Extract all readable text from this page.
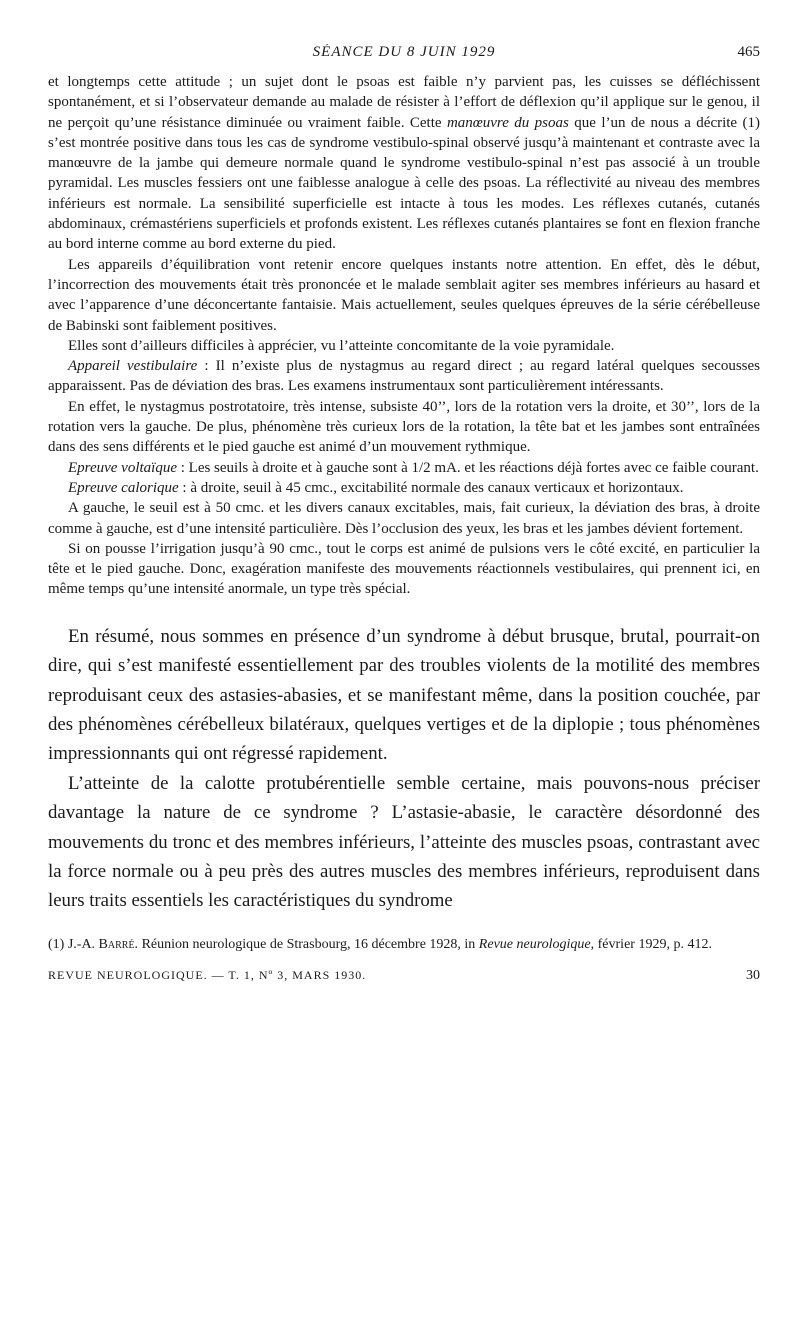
SÉANCE DU 8 JUIN 1929	465

et longtemps cette attitude ; un sujet dont le psoas est faible n’y parvient pas, les cuisses se défléchissent spontanément, et si l’observateur demande au malade de résister à l’effort de déflexion qu’il applique sur le genou, il ne perçoit qu’une résistance diminuée ou vraiment faible. Cette manœuvre du psoas que l’un de nous a décrite (1) s’est montrée positive dans tous les cas de syndrome vestibulo-spinal observé jusqu’à maintenant et contraste avec la manœuvre de la jambe qui demeure normale quand le syndrome vestibulo-spinal n’est pas associé à un trouble pyramidal. Les muscles fessiers ont une faiblesse analogue à celle des psoas. La réflectivité au niveau des membres inférieurs est normale. La sensibilité superficielle est intacte à tous les modes. Les réflexes cutanés, cutanés abdominaux, crémastériens superficiels et profonds existent. Les réflexes cutanés plantaires se font en flexion franche au bord interne comme au bord externe du pied.

Les appareils d’équilibration vont retenir encore quelques instants notre attention. En effet, dès le début, l’incorrection des mouvements était très prononcée et le malade semblait agiter ses membres inférieurs au hasard et avec l’apparence d’une déconcertante fantaisie. Mais actuellement, seules quelques épreuves de la série cérébelleuse de Babinski sont faiblement positives.

Elles sont d’ailleurs difficiles à apprécier, vu l’atteinte concomitante de la voie pyramidale.

Appareil vestibulaire : Il n’existe plus de nystagmus au regard direct ; au regard latéral quelques secousses apparaissent. Pas de déviation des bras. Les examens instrumentaux sont particulièrement intéressants.

En effet, le nystagmus postrotatoire, très intense, subsiste 40’’, lors de la rotation vers la droite, et 30’’, lors de la rotation vers la gauche. De plus, phénomène très curieux lors de la rotation, la tête bat et les jambes sont entraînées dans des sens différents et le pied gauche est animé d’un mouvement rythmique.

Epreuve voltaïque : Les seuils à droite et à gauche sont à 1/2 mA. et les réactions déjà fortes avec ce faible courant.

Epreuve calorique : à droite, seuil à 45 cmc., excitabilité normale des canaux verticaux et horizontaux.

A gauche, le seuil est à 50 cmc. et les divers canaux excitables, mais, fait curieux, la déviation des bras, à droite comme à gauche, est d’une intensité particulière. Dès l’occlusion des yeux, les bras et les jambes dévient fortement.

Si on pousse l’irrigation jusqu’à 90 cmc., tout le corps est animé de pulsions vers le côté excité, en particulier la tête et le pied gauche. Donc, exagération manifeste des mouvements réactionnels vestibulaires, qui prennent ici, en même temps qu’une intensité anormale, un type très spécial.

En résumé, nous sommes en présence d’un syndrome à début brusque, brutal, pourrait-on dire, qui s’est manifesté essentiellement par des troubles violents de la motilité des membres reproduisant ceux des astasies-abasies, et se manifestant même, dans la position couchée, par des phénomènes cérébelleux bilatéraux, quelques vertiges et de la diplopie ; tous phénomènes impressionnants qui ont régressé rapidement.

L’atteinte de la calotte protubérentielle semble certaine, mais pouvons-nous préciser davantage la nature de ce syndrome ? L’astasie-abasie, le caractère désordonné des mouvements du tronc et des membres inférieurs, l’atteinte des muscles psoas, contrastant avec la force normale ou à peu près des autres muscles des membres inférieurs, reproduisent dans leurs traits essentiels les caractéristiques du syndrome

(1) J.-A. Barré. Réunion neurologique de Strasbourg, 16 décembre 1928, in Revue neurologique, février 1929, p. 412.

REVUE NEUROLOGIQUE. — T. 1, Nº 3, MARS 1930.	30
